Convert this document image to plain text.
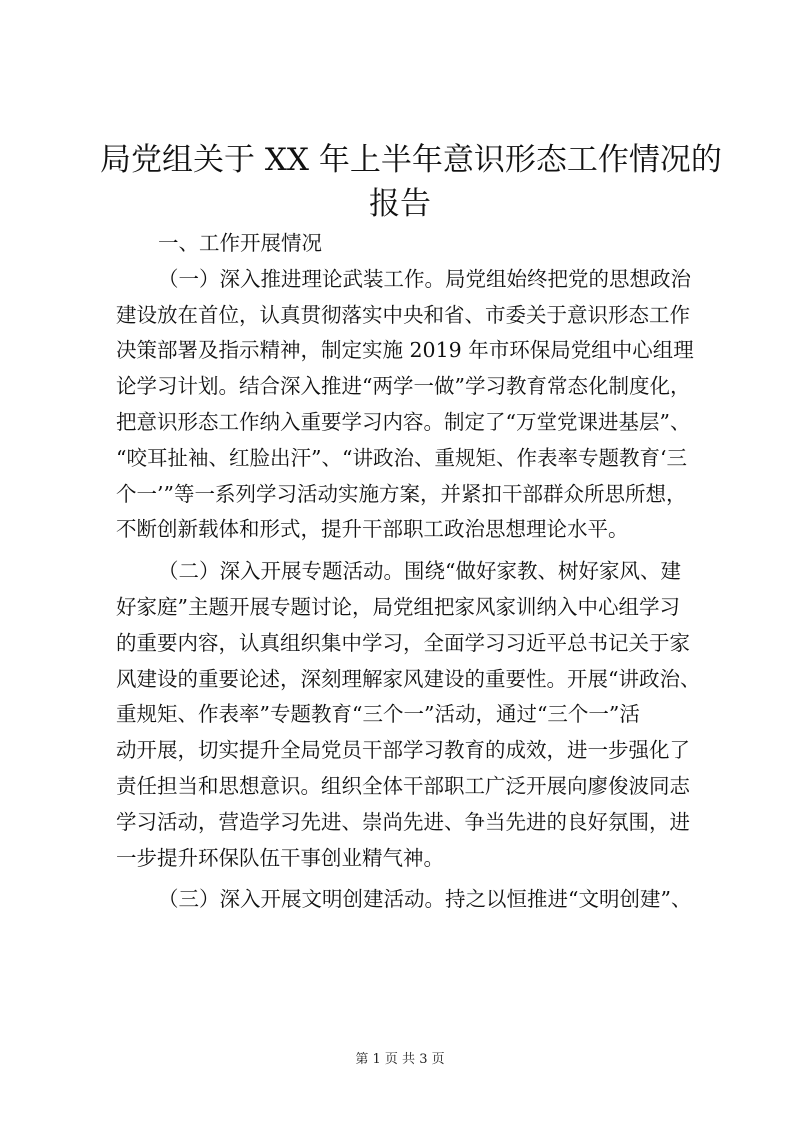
局党组关于 XX 年上半年意识形态工作情况的
报告
一、工作开展情况
（一）深入推进理论武装工作。局党组始终把党的思想政治
建设放在首位，认真贯彻落实中央和省、市委关于意识形态工作
决策部署及指示精神，制定实施 2019 年市环保局党组中心组理
论学习计划。结合深入推进“两学一做”学习教育常态化制度化，
把意识形态工作纳入重要学习内容。制定了“万堂党课进基层”、
“咬耳扯袖、红脸出汗”、“讲政治、重规矩、作表率专题教育‘三
个一’”等一系列学习活动实施方案，并紧扣干部群众所思所想，
不断创新载体和形式，提升干部职工政治思想理论水平。
（二）深入开展专题活动。围绕“做好家教、树好家风、建
好家庭”主题开展专题讨论，局党组把家风家训纳入中心组学习
的重要内容，认真组织集中学习，全面学习习近平总书记关于家
风建设的重要论述，深刻理解家风建设的重要性。开展“讲政治、
重规矩、作表率”专题教育“三个一”活动，通过“三个一”活
动开展，切实提升全局党员干部学习教育的成效，进一步强化了
责任担当和思想意识。组织全体干部职工广泛开展向廖俊波同志
学习活动，营造学习先进、崇尚先进、争当先进的良好氛围，进
一步提升环保队伍干事创业精气神。
（三）深入开展文明创建活动。持之以恒推进“文明创建”、
第 1 页 共 3 页
